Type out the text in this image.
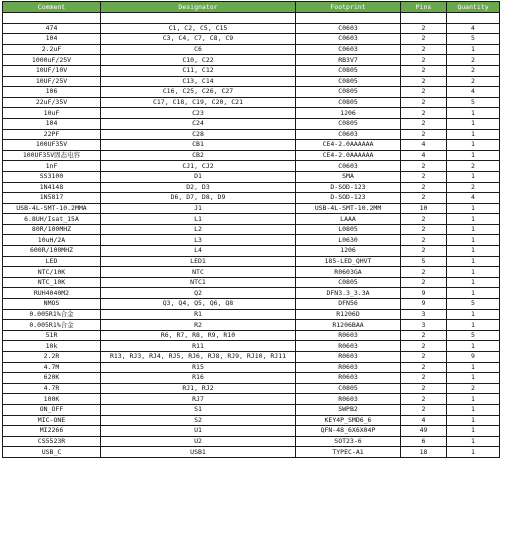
Comment	Designator	Footprint	Pins	Quantity

474	C1, C2, C5, C15	C0603	2	4
104	C3, C4, C7, C8, C9	C0603	2	5
2.2uF	C6	C0603	2	1
1000uF/25V	C10, C22	RB3V7	2	2
10UF/10V	C11, C12	C0805	2	2
10UF/25V	C13, C14	C0805	2	2
106	C16, C25, C26, C27	C0805	2	4
22uF/35V	C17, C18, C19, C20, C21	C0805	2	5
10uF	C23	1206	2	1
104	C24	C0805	2	1
22PF	C28	C0603	2	1
100UF35V	CB1	CE4-2.0AAAAAA	4	1
100UF35V固态电容	CB2	CE4-2.0AAAAAA	4	1
1nF	CJ1, CJ2	C0603	2	2
SS3100	D1	SMA	2	1
1N4148	D2, D3	D-SOD-123	2	2
1N5817	D6, D7, D8, D9	D-SOD-123	2	4
USB-4L-SMT-10.2MMA	J1	USB-4L-SMT-10.2MM	10	1
6.8UH/Isat_15A	L1	LAAA	2	1
80R/100MHZ	L2	L0805	2	1
10uH/2A	L3	L0630	2	1
600R/100MHZ	L4	1206	2	1
LED	LED1	185-LED_QHVT	5	1
NTC/10K	NTC	R0603GA	2	1
NTC_10K	NTC1	C0805	2	1
RUH4040M2	Q2	DFN3.3_3.3A	9	1
NMOS	Q3, Q4, Q5, Q6, Q8	DFN56	9	5
0.005R1%合金	R1	R1206D	3	1
0.005R1%合金	R2	R1206BAA	3	1
51R	R6, R7, R8, R9, R10	R0603	2	5
10k	R11	R0603	2	1
2.2R	R13, RJ3, RJ4, RJ5, RJ6, RJ8, RJ9, RJ10, RJ11	R0603	2	9
4.7M	R15	R0603	2	1
620K	R16	R0603	2	1
4.7R	RJ1, RJ2	C0805	2	2
100K	RJ7	R0603	2	1
ON_OFF	S1	SWPB2	2	1
MIC-ONE	S2	KEY4P_SMD6_6	4	1
MI2266	U1	QFN-48_6X6X04P	49	1
CS5523R	U2	SOT23-6	6	1
USB_C	USB1	TYPEC-A1	18	1
